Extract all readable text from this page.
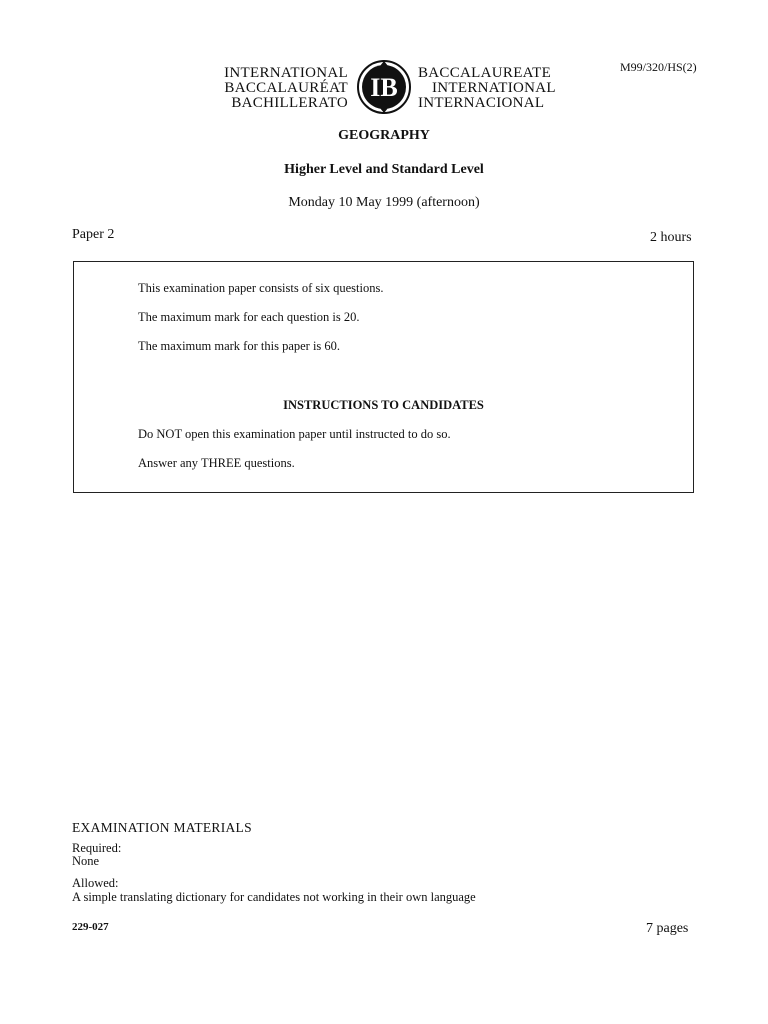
M99/320/HS(2)
INTERNATIONAL
BACCALAURÉAT
BACHILLERATO
IB BACCALAUREATE
INTERNATIONAL
INTERNACIONAL
GEOGRAPHY
Higher Level and Standard Level
Monday 10 May 1999 (afternoon)
Paper 2	2 hours
This examination paper consists of six questions.
The maximum mark for each question is 20.
The maximum mark for this paper is 60.
INSTRUCTIONS TO CANDIDATES
Do NOT open this examination paper until instructed to do so.
Answer any THREE questions.
EXAMINATION MATERIALS
Required:
None
Allowed:
A simple translating dictionary for candidates not working in their own language
229-027	7 pages
